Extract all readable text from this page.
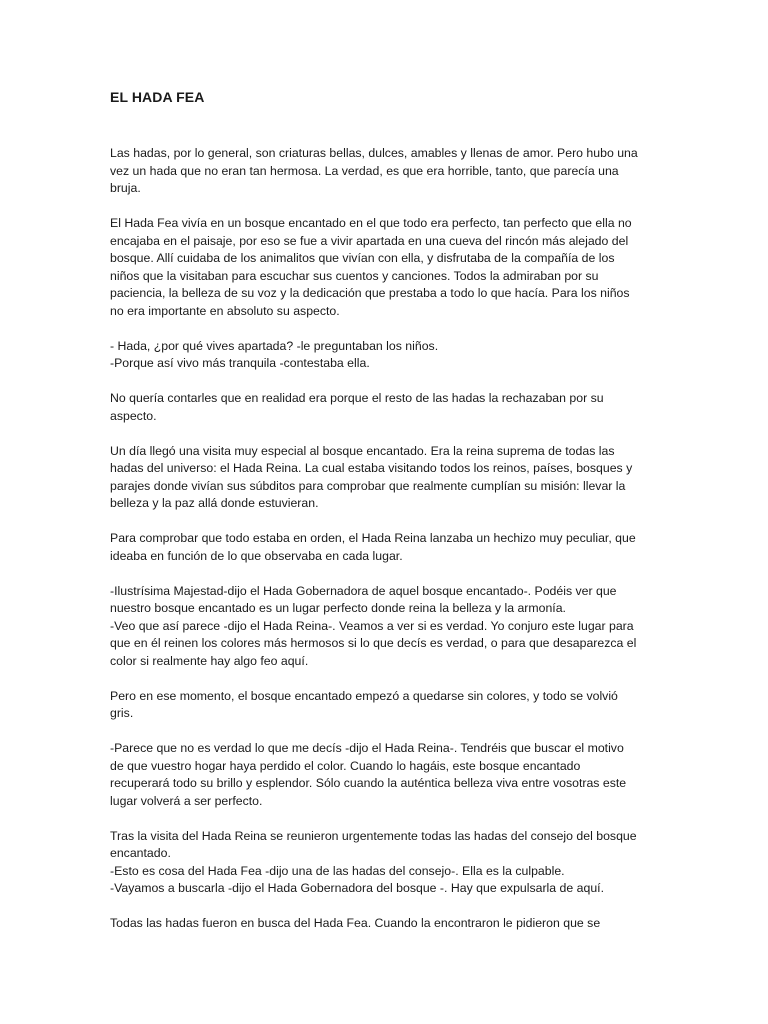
EL HADA FEA

Las hadas, por lo general, son criaturas bellas, dulces, amables y llenas de amor. Pero hubo una
vez un hada que no eran tan hermosa. La verdad, es que era horrible, tanto, que parecía una
bruja.

El Hada Fea vivía en un bosque encantado en el que todo era perfecto, tan perfecto que ella no
encajaba en el paisaje, por eso se fue a vivir apartada en una cueva del rincón más alejado del
bosque. Allí cuidaba de los animalitos que vivían con ella, y disfrutaba de la compañía de los
niños que la visitaban para escuchar sus cuentos y canciones. Todos la admiraban por su
paciencia, la belleza de su voz y la dedicación que prestaba a todo lo que hacía. Para los niños
no era importante en absoluto su aspecto.

- Hada, ¿por qué vives apartada? -le preguntaban los niños.
-Porque así vivo más tranquila -contestaba ella.

No quería contarles que en realidad era porque el resto de las hadas la rechazaban por su
aspecto.

Un día llegó una visita muy especial al bosque encantado. Era la reina suprema de todas las
hadas del universo: el Hada Reina. La cual estaba visitando todos los reinos, países, bosques y
parajes donde vivían sus súbditos para comprobar que realmente cumplían su misión: llevar la
belleza y la paz allá donde estuvieran.

Para comprobar que todo estaba en orden, el Hada Reina lanzaba un hechizo muy peculiar, que
ideaba en función de lo que observaba en cada lugar.

-Ilustrísima Majestad-dijo el Hada Gobernadora de aquel bosque encantado-. Podéis ver que
nuestro bosque encantado es un lugar perfecto donde reina la belleza y la armonía.
-Veo que así parece -dijo el Hada Reina-. Veamos a ver si es verdad. Yo conjuro este lugar para
que en él reinen los colores más hermosos si lo que decís es verdad, o para que desaparezca el
color si realmente hay algo feo aquí.

Pero en ese momento, el bosque encantado empezó a quedarse sin colores, y todo se volvió
gris.

-Parece que no es verdad lo que me decís -dijo el Hada Reina-. Tendréis que buscar el motivo
de que vuestro hogar haya perdido el color. Cuando lo hagáis, este bosque encantado
recuperará todo su brillo y esplendor. Sólo cuando la auténtica belleza viva entre vosotras este
lugar volverá a ser perfecto.

Tras la visita del Hada Reina se reunieron urgentemente todas las hadas del consejo del bosque
encantado.
-Esto es cosa del Hada Fea -dijo una de las hadas del consejo-. Ella es la culpable.
-Vayamos a buscarla -dijo el Hada Gobernadora del bosque -. Hay que expulsarla de aquí.

Todas las hadas fueron en busca del Hada Fea. Cuando la encontraron le pidieron que se
